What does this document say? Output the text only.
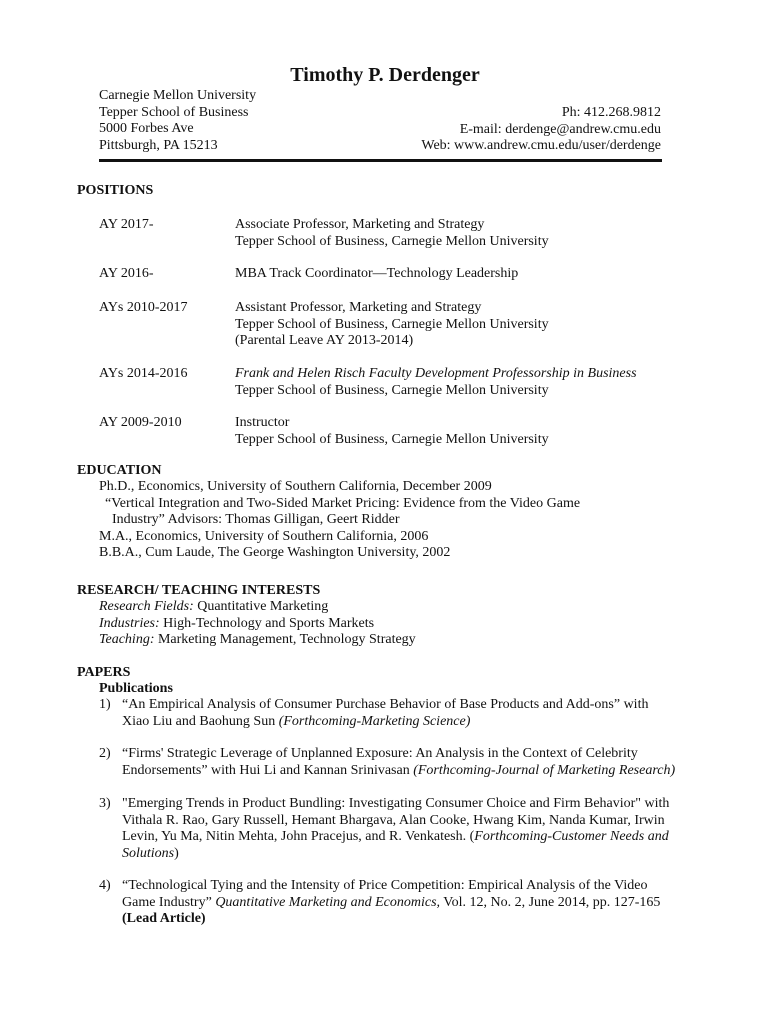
Timothy P. Derdenger
Carnegie Mellon University
Tepper School of Business
5000 Forbes Ave
Pittsburgh, PA 15213
Ph: 412.268.9812
E-mail: derdenge@andrew.cmu.edu
Web: www.andrew.cmu.edu/user/derdenge
POSITIONS
AY 2017-	Associate Professor, Marketing and Strategy
Tepper School of Business, Carnegie Mellon University
AY 2016-	MBA Track Coordinator—Technology Leadership
AYs 2010-2017	Assistant Professor, Marketing and Strategy
Tepper School of Business, Carnegie Mellon University
(Parental Leave AY 2013-2014)
AYs 2014-2016	Frank and Helen Risch Faculty Development Professorship in Business
Tepper School of Business, Carnegie Mellon University
AY 2009-2010	Instructor
Tepper School of Business, Carnegie Mellon University
EDUCATION
Ph.D., Economics, University of Southern California, December 2009
“Vertical Integration and Two-Sided Market Pricing: Evidence from the Video Game
Industry” Advisors: Thomas Gilligan, Geert Ridder
M.A., Economics, University of Southern California, 2006
B.B.A., Cum Laude, The George Washington University, 2002
RESEARCH/ TEACHING INTERESTS
Research Fields: Quantitative Marketing
Industries: High-Technology and Sports Markets
Teaching: Marketing Management, Technology Strategy
PAPERS
Publications
1) “An Empirical Analysis of Consumer Purchase Behavior of Base Products and Add-ons” with
Xiao Liu and Baohung Sun (Forthcoming-Marketing Science)
2) “Firms' Strategic Leverage of Unplanned Exposure: An Analysis in the Context of Celebrity
Endorsements” with Hui Li and Kannan Srinivasan (Forthcoming-Journal of Marketing Research)
3) "Emerging Trends in Product Bundling: Investigating Consumer Choice and Firm Behavior" with
Vithala R. Rao, Gary Russell, Hemant Bhargava, Alan Cooke, Hwang Kim, Nanda Kumar, Irwin
Levin, Yu Ma, Nitin Mehta, John Pracejus, and R. Venkatesh. (Forthcoming-Customer Needs and
Solutions)
4) “Technological Tying and the Intensity of Price Competition: Empirical Analysis of the Video
Game Industry” Quantitative Marketing and Economics, Vol. 12, No. 2, June 2014, pp. 127-165
(Lead Article)
